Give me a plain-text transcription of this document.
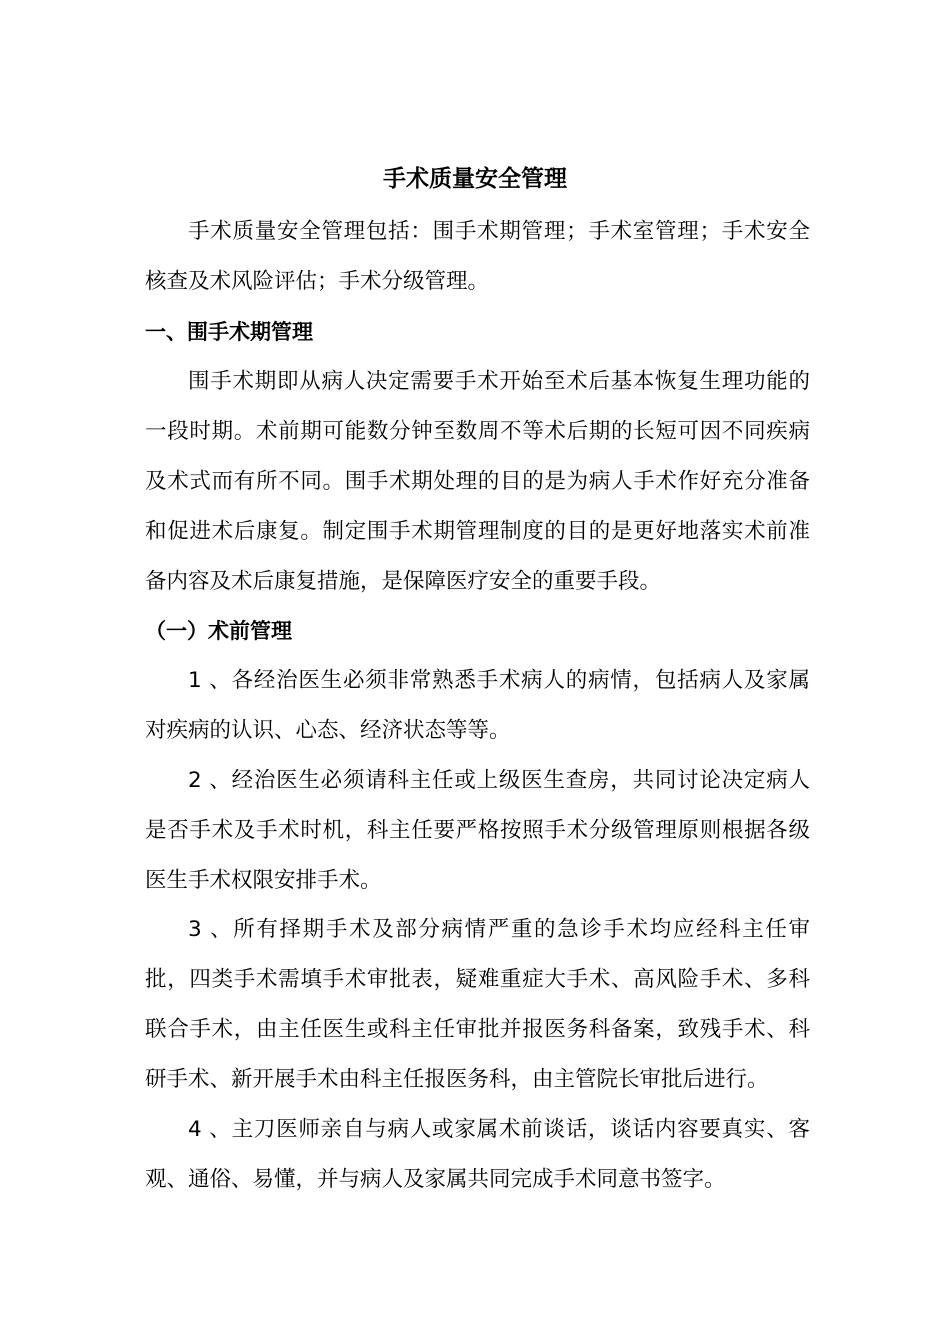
手术质量安全管理

手术质量安全管理包括：围手术期管理；手术室管理；手术安全核查及术风险评估；手术分级管理。

一、围手术期管理

围手术期即从病人决定需要手术开始至术后基本恢复生理功能的一段时期。术前期可能数分钟至数周不等术后期的长短可因不同疾病及术式而有所不同。围手术期处理的目的是为病人手术作好充分准备和促进术后康复。制定围手术期管理制度的目的是更好地落实术前准备内容及术后康复措施，是保障医疗安全的重要手段。

（一）术前管理

1 、各经治医生必须非常熟悉手术病人的病情，包括病人及家属对疾病的认识、心态、经济状态等等。

2 、经治医生必须请科主任或上级医生查房，共同讨论决定病人是否手术及手术时机，科主任要严格按照手术分级管理原则根据各级医生手术权限安排手术。

3 、所有择期手术及部分病情严重的急诊手术均应经科主任审批，四类手术需填手术审批表，疑难重症大手术、高风险手术、多科联合手术，由主任医生或科主任审批并报医务科备案，致残手术、科研手术、新开展手术由科主任报医务科，由主管院长审批后进行。

4 、主刀医师亲自与病人或家属术前谈话，谈话内容要真实、客观、通俗、易懂，并与病人及家属共同完成手术同意书签字。
